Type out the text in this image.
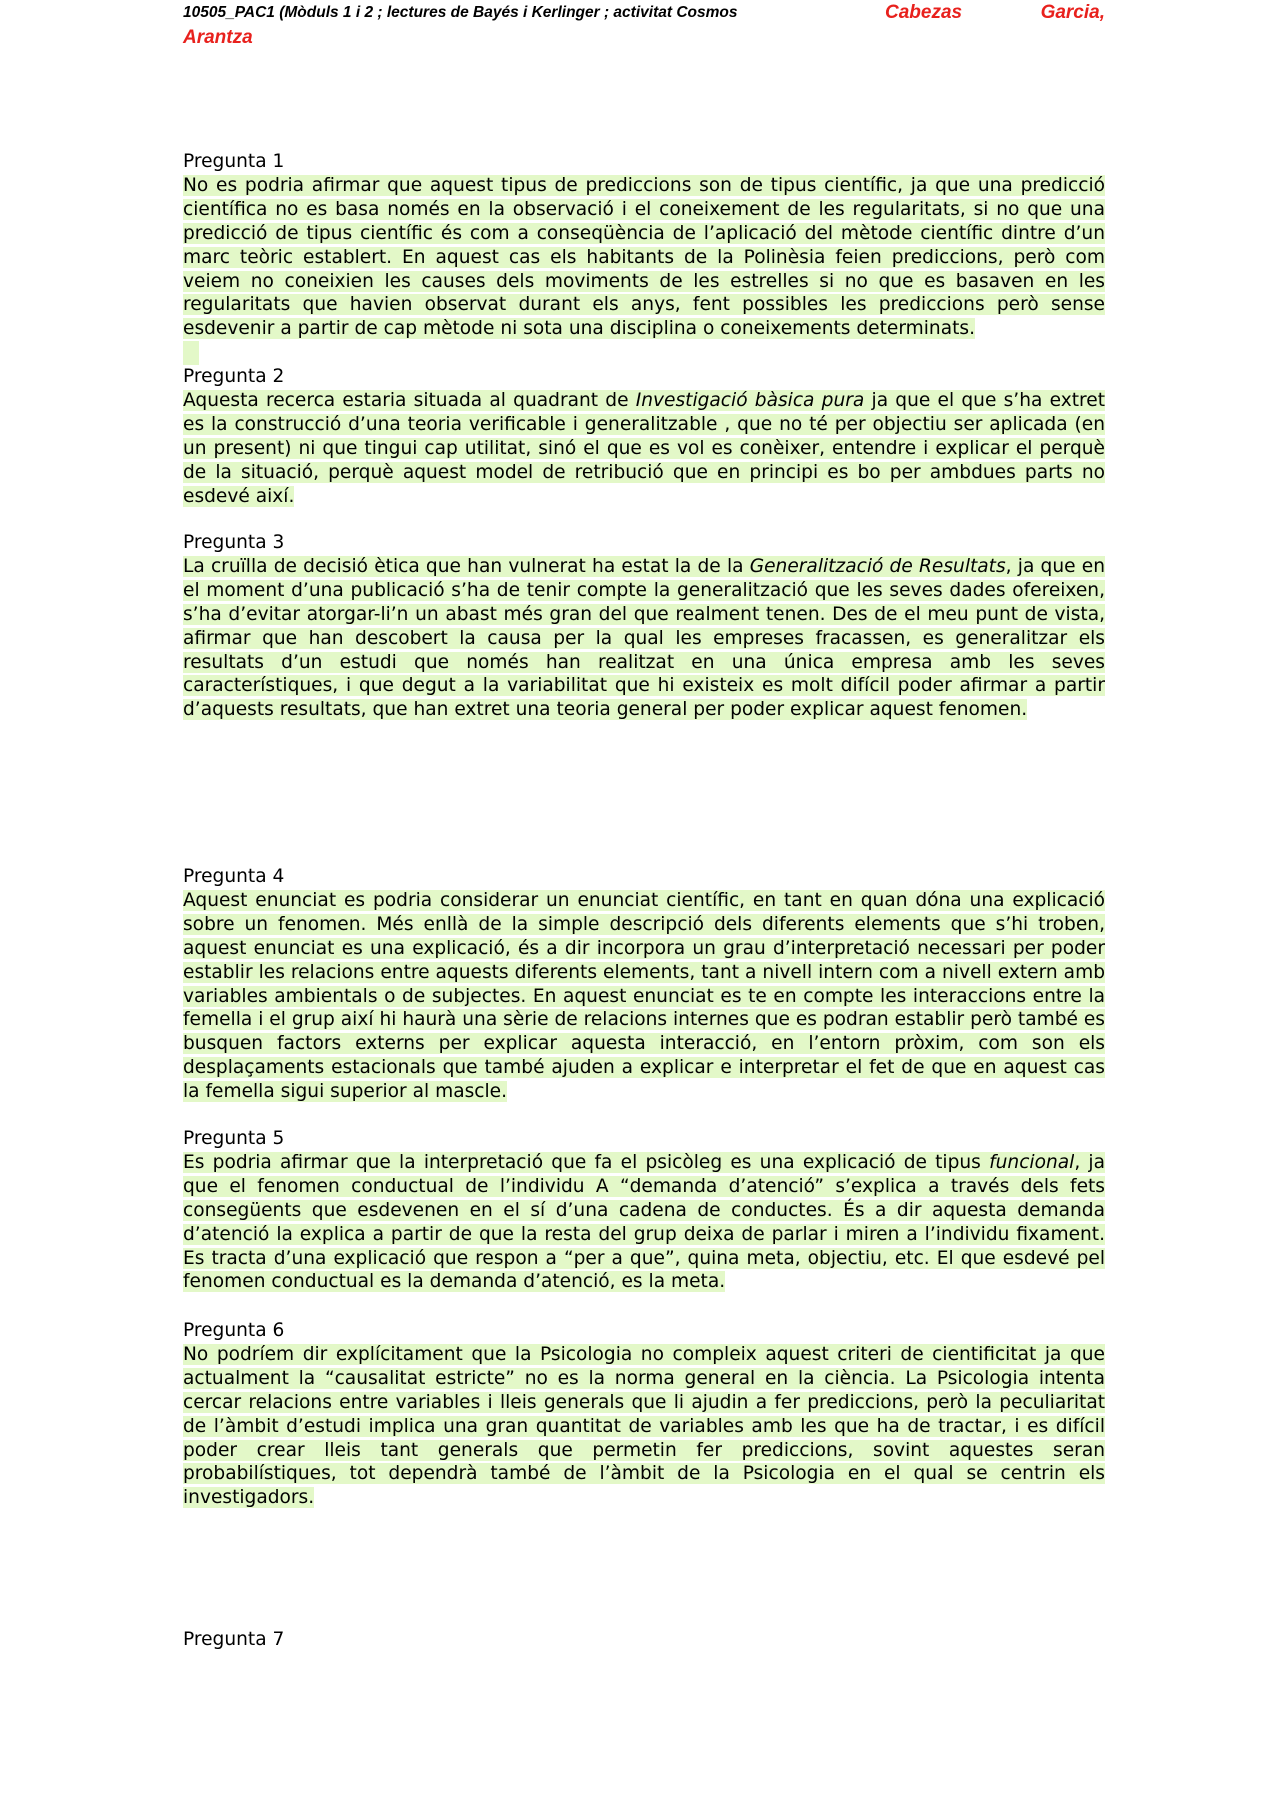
10505_PAC1 (Mòduls 1 i 2 ; lectures de Bayés i Kerlinger ; activitat Cosmos	Cabezas	Garcia,
Arantza
Pregunta 1

No es podria afirmar que aquest tipus de prediccions son de tipus científic, ja que una predicció científica no es basa només en la observació i el coneixement de les regularitats, si no que una predicció de tipus científic és com a conseqüència de l’aplicació del mètode científic dintre d’un marc teòric establert. En aquest cas els habitants de la Polinèsia feien prediccions, però com veiem no coneixien les causes dels moviments de les estrelles si no que es basaven en les regularitats que havien observat durant els anys, fent possibles les prediccions però sense esdevenir a partir de cap mètode ni sota una disciplina o coneixements determinats.

Pregunta 2

Aquesta recerca estaria situada al quadrant de Investigació bàsica pura ja que el que s’ha extret es la construcció d’una teoria verificable i generalitzable , que no té per objectiu ser aplicada (en un present) ni que tingui cap utilitat, sinó el que es vol es conèixer, entendre i explicar el perquè de la situació, perquè aquest model de retribució que en principi es bo per ambdues parts no esdevé així.

Pregunta 3

La cruïlla de decisió ètica que han vulnerat ha estat la de la Generalització de Resultats, ja que en el moment d’una publicació s’ha de tenir compte la generalització que les seves dades ofereixen, s’ha d’evitar atorgar-li’n un abast més gran del que realment tenen. Des de el meu punt de vista, afirmar que han descobert la causa per la qual les empreses fracassen, es generalitzar els resultats d’un estudi que només han realitzat en una única empresa amb les seves característiques, i que degut a la variabilitat que hi existeix es molt difícil poder afirmar a partir d’aquests resultats, que han extret una teoria general per poder explicar aquest fenomen.

Pregunta 4

Aquest enunciat es podria considerar un enunciat científic, en tant en quan dóna una explicació sobre un fenomen. Més enllà de la simple descripció dels diferents elements que s’hi troben, aquest enunciat es una explicació, és a dir incorpora un grau d’interpretació necessari per poder establir les relacions entre aquests diferents elements, tant a nivell intern com a nivell extern amb variables ambientals o de subjectes. En aquest enunciat es te en compte les interaccions entre la femella i el grup així hi haurà una sèrie de relacions internes que es podran establir però també es busquen factors externs per explicar aquesta interacció, en l’entorn pròxim, com son els desplaçaments estacionals que també ajuden a explicar e interpretar el fet de que en aquest cas la femella sigui superior al mascle.

Pregunta 5

Es podria afirmar que la interpretació que fa el psicòleg es una explicació de tipus funcional, ja que el fenomen conductual de l’individu A “demanda d’atenció” s’explica a través dels fets consegüents que esdevenen en el sí d’una cadena de conductes. És a dir aquesta demanda d’atenció la explica a partir de que la resta del grup deixa de parlar i miren a l’individu fixament. Es tracta d’una explicació que respon a “per a que”, quina meta, objectiu, etc. El que esdevé pel fenomen conductual es la demanda d’atenció, es la meta.

Pregunta 6

No podríem dir explícitament que la Psicologia no compleix aquest criteri de cientificitat ja que actualment la “causalitat estricte” no es la norma general en la ciència. La Psicologia intenta cercar relacions entre variables i lleis generals que li ajudin a fer prediccions, però la peculiaritat de l’àmbit d’estudi implica una gran quantitat de variables amb les que ha de tractar, i es difícil poder crear lleis tant generals que permetin fer prediccions, sovint aquestes seran probabilístiques, tot dependrà també de l’àmbit de la Psicologia en el qual se centrin els investigadors.

Pregunta 7
